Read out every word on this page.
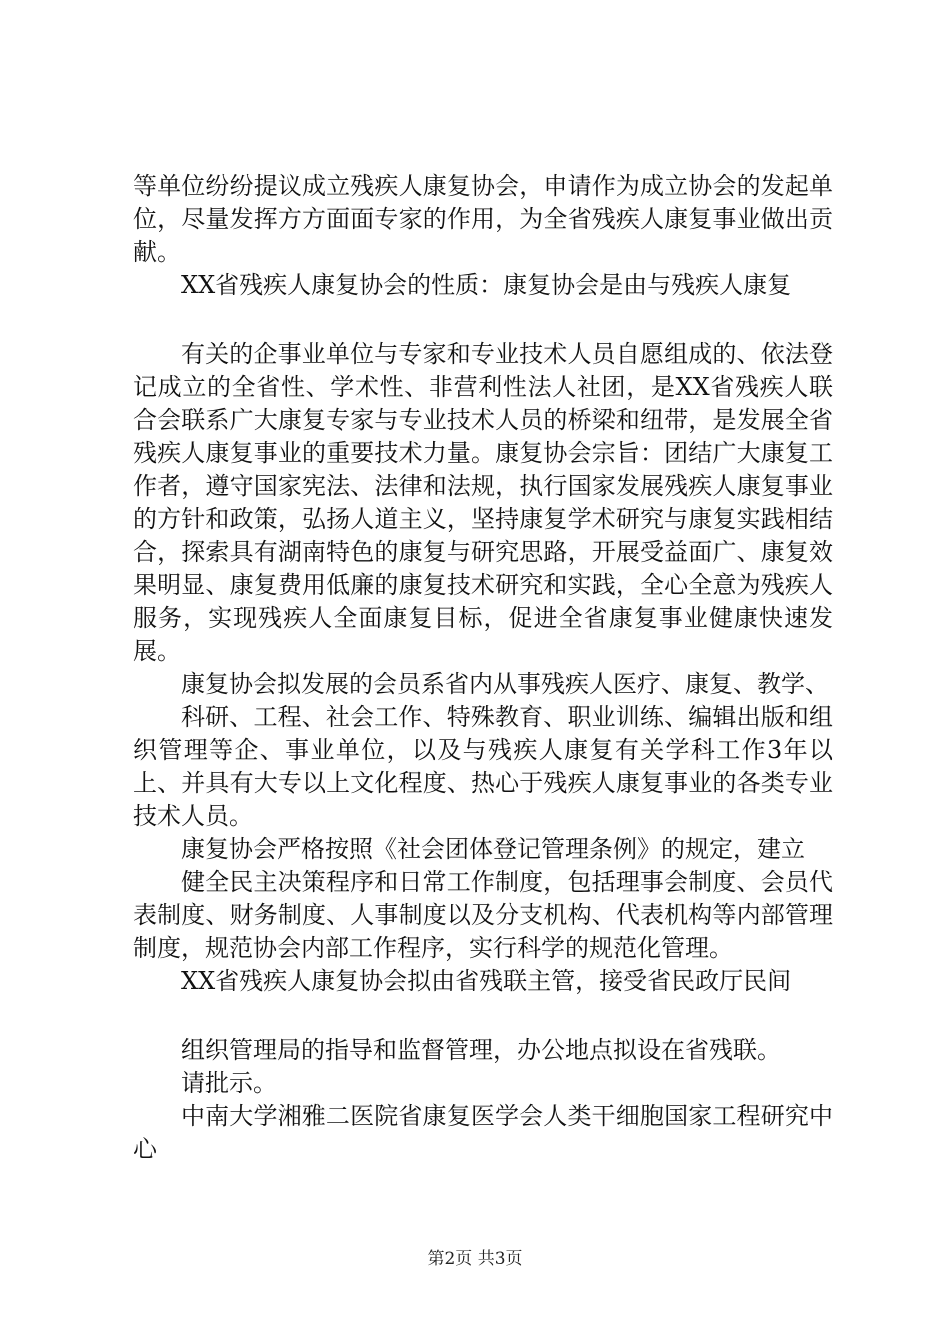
等单位纷纷提议成立残疾人康复协会，申请作为成立协会的发起单位，尽量发挥方方面面专家的作用，为全省残疾人康复事业做出贡献。

XX省残疾人康复协会的性质：康复协会是由与残疾人康复

有关的企事业单位与专家和专业技术人员自愿组成的、依法登记成立的全省性、学术性、非营利性法人社团，是XX省残疾人联合会联系广大康复专家与专业技术人员的桥梁和纽带，是发展全省残疾人康复事业的重要技术力量。康复协会宗旨：团结广大康复工作者，遵守国家宪法、法律和法规，执行国家发展残疾人康复事业的方针和政策，弘扬人道主义，坚持康复学术研究与康复实践相结合，探索具有湖南特色的康复与研究思路，开展受益面广、康复效果明显、康复费用低廉的康复技术研究和实践，全心全意为残疾人服务，实现残疾人全面康复目标，促进全省康复事业健康快速发展。

康复协会拟发展的会员系省内从事残疾人医疗、康复、教学、

科研、工程、社会工作、特殊教育、职业训练、编辑出版和组织管理等企、事业单位，以及与残疾人康复有关学科工作3年以上、并具有大专以上文化程度、热心于残疾人康复事业的各类专业技术人员。

康复协会严格按照《社会团体登记管理条例》的规定，建立

健全民主决策程序和日常工作制度，包括理事会制度、会员代表制度、财务制度、人事制度以及分支机构、代表机构等内部管理制度，规范协会内部工作程序，实行科学的规范化管理。

XX省残疾人康复协会拟由省残联主管，接受省民政厅民间

组织管理局的指导和监督管理，办公地点拟设在省残联。

请批示。

中南大学湘雅二医院省康复医学会人类干细胞国家工程研究中心

第2页 共3页
